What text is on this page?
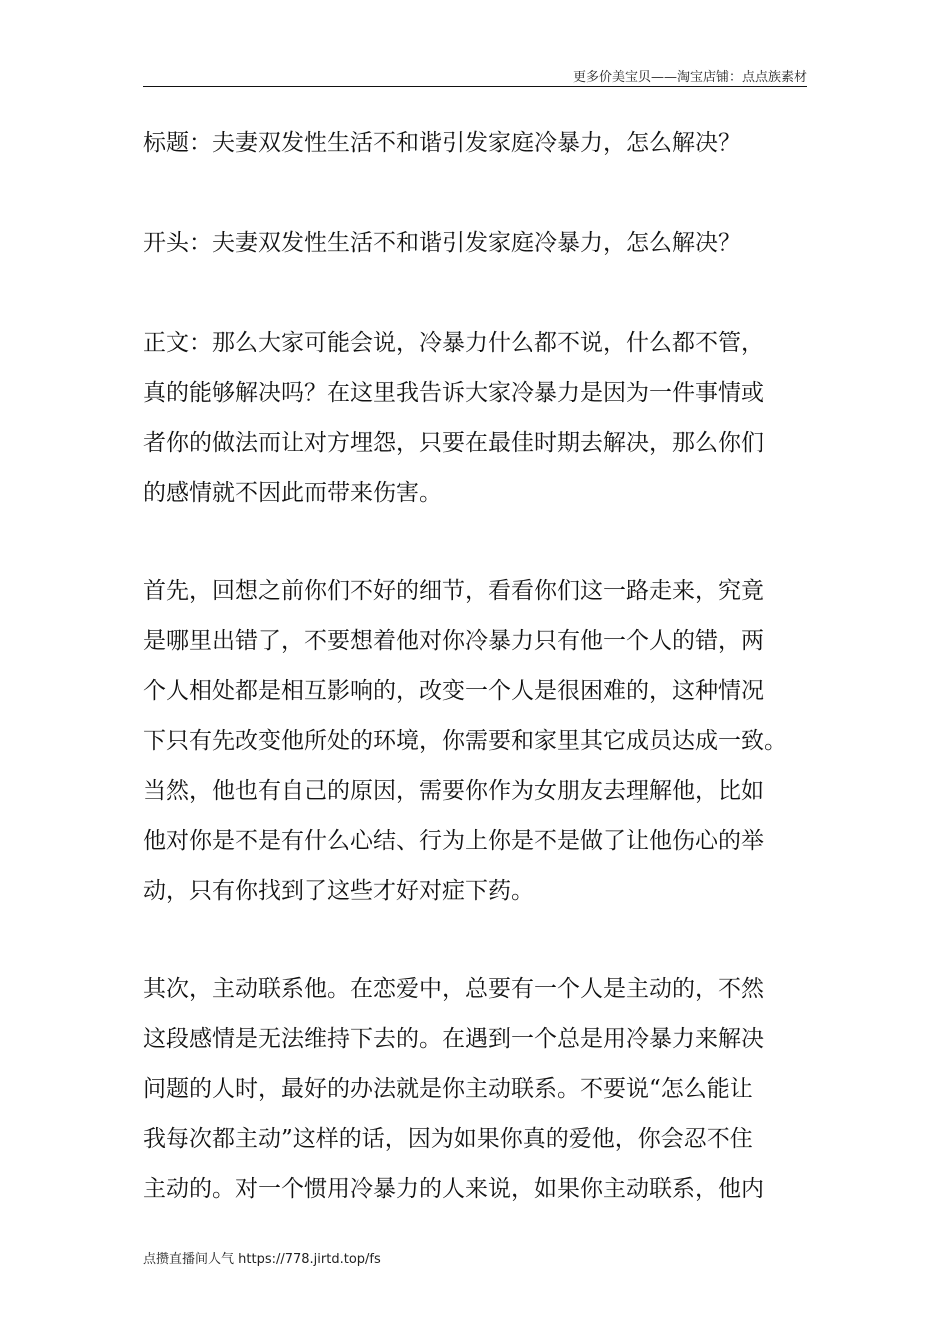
更多价美宝贝——淘宝店铺：点点族素材
标题：夫妻双发性生活不和谐引发家庭冷暴力，怎么解决？
开头：夫妻双发性生活不和谐引发家庭冷暴力，怎么解决？
正文：那么大家可能会说，冷暴力什么都不说，什么都不管，
真的能够解决吗？在这里我告诉大家冷暴力是因为一件事情或
者你的做法而让对方埋怨，只要在最佳时期去解决，那么你们
的感情就不因此而带来伤害。
首先，回想之前你们不好的细节，看看你们这一路走来，究竟
是哪里出错了，不要想着他对你冷暴力只有他一个人的错，两
个人相处都是相互影响的，改变一个人是很困难的，这种情况
下只有先改变他所处的环境，你需要和家里其它成员达成一致。
当然，他也有自己的原因，需要你作为女朋友去理解他，比如
他对你是不是有什么心结、行为上你是不是做了让他伤心的举
动，只有你找到了这些才好对症下药。
其次，主动联系他。在恋爱中，总要有一个人是主动的，不然
这段感情是无法维持下去的。在遇到一个总是用冷暴力来解决
问题的人时，最好的办法就是你主动联系。不要说“怎么能让
我每次都主动”这样的话，因为如果你真的爱他，你会忍不住
主动的。对一个惯用冷暴力的人来说，如果你主动联系，他内
点攒直播间人气 https://778.jirtd.top/fs
